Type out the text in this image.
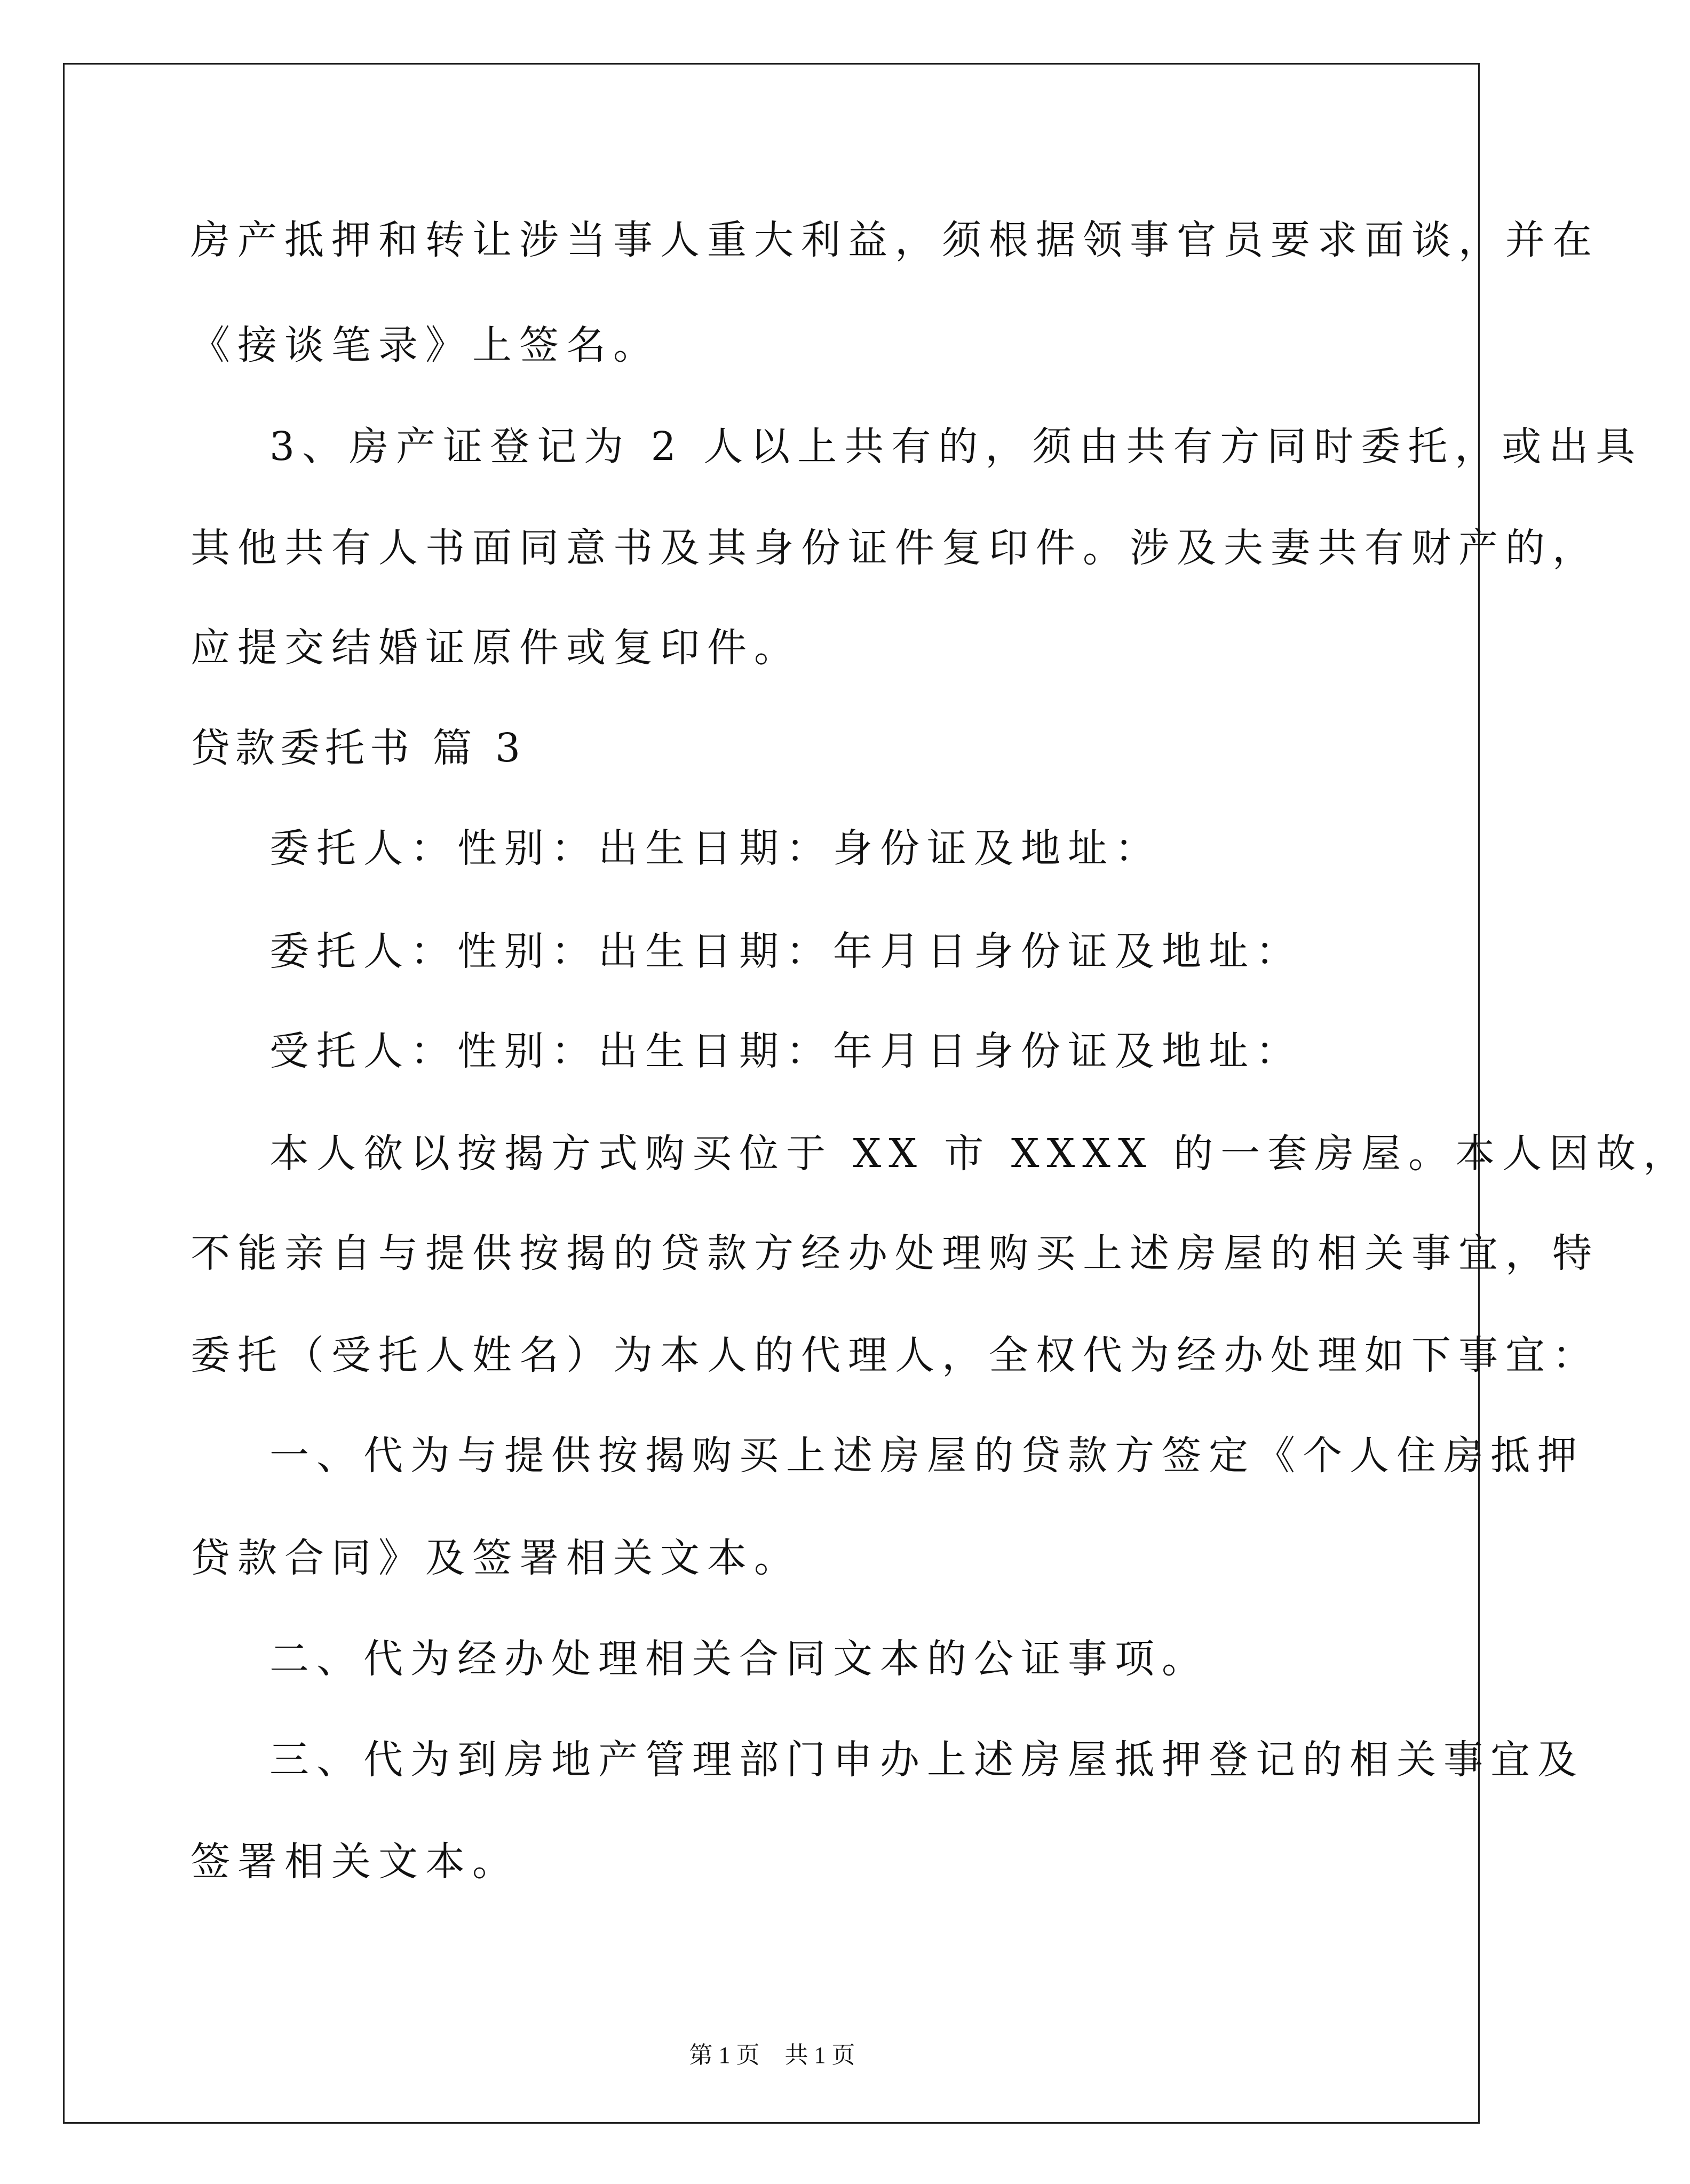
房产抵押和转让涉当事人重大利益，须根据领事官员要求面谈，并在
《接谈笔录》上签名。
3、房产证登记为 2 人以上共有的，须由共有方同时委托，或出具
其他共有人书面同意书及其身份证件复印件。涉及夫妻共有财产的，
应提交结婚证原件或复印件。
贷款委托书 篇 3
委托人：性别：出生日期：身份证及地址：
委托人：性别：出生日期：年月日身份证及地址：
受托人：性别：出生日期：年月日身份证及地址：
本人欲以按揭方式购买位于 XX 市 XXXX 的一套房屋。本人因故，
不能亲自与提供按揭的贷款方经办处理购买上述房屋的相关事宜，特
委托（受托人姓名）为本人的代理人，全权代为经办处理如下事宜：
一、代为与提供按揭购买上述房屋的贷款方签定《个人住房抵押
贷款合同》及签署相关文本。
二、代为经办处理相关合同文本的公证事项。
三、代为到房地产管理部门申办上述房屋抵押登记的相关事宜及
签署相关文本。
第 1 页 共 1 页
